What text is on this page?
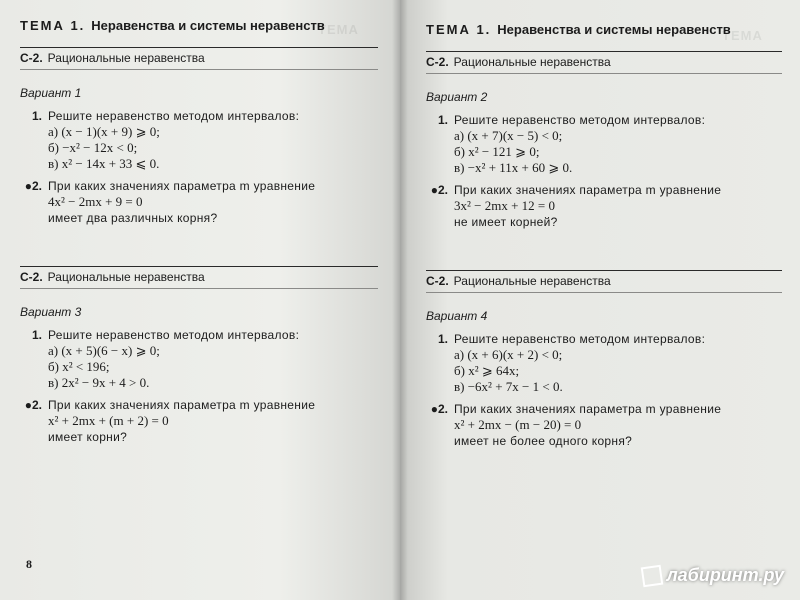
ТЕМА
ТЕМА 1. Неравенства и системы неравенств
С-2. Рациональные неравенства
Вариант 1
1. Решите неравенство методом интервалов:
а) (x − 1)(x + 9) ⩾ 0;
б) −x² − 12x < 0;
в) x² − 14x + 33 ⩽ 0.
●2. При каких значениях параметра m уравнение
4x² − 2mx + 9 = 0
имеет два различных корня?
С-2. Рациональные неравенства
Вариант 3
1. Решите неравенство методом интервалов:
а) (x + 5)(6 − x) ⩾ 0;
б) x² < 196;
в) 2x² − 9x + 4 > 0.
●2. При каких значениях параметра m уравнение
x² + 2mx + (m + 2) = 0
имеет корни?
8
ТЕМА
ТЕМА 1. Неравенства и системы неравенств
С-2. Рациональные неравенства
Вариант 2
1. Решите неравенство методом интервалов:
а) (x + 7)(x − 5) < 0;
б) x² − 121 ⩾ 0;
в) −x² + 11x + 60 ⩾ 0.
●2. При каких значениях параметра m уравнение
3x² − 2mx + 12 = 0
не имеет корней?
С-2. Рациональные неравенства
Вариант 4
1. Решите неравенство методом интервалов:
а) (x + 6)(x + 2) < 0;
б) x² ⩾ 64x;
в) −6x² + 7x − 1 < 0.
●2. При каких значениях параметра m уравнение
x² + 2mx − (m − 20) = 0
имеет не более одного корня?
лабиринт.ру
